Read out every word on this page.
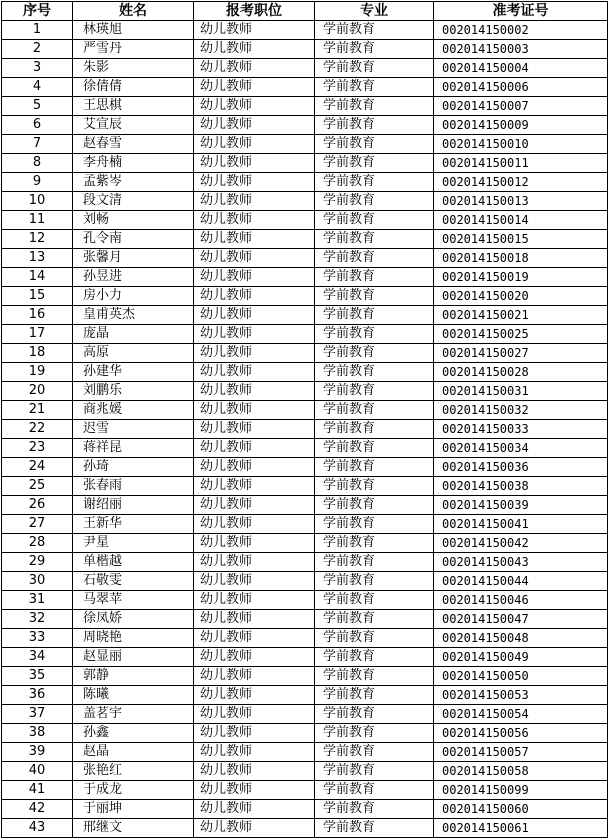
序号	姓名	报考职位	专业	准考证号
1	林瑛旭	幼儿教师	学前教育	002014150002
2	严雪丹	幼儿教师	学前教育	002014150003
3	朱影	幼儿教师	学前教育	002014150004
4	徐倩倩	幼儿教师	学前教育	002014150006
5	王思棋	幼儿教师	学前教育	002014150007
6	艾宣辰	幼儿教师	学前教育	002014150009
7	赵春雪	幼儿教师	学前教育	002014150010
8	李舟楠	幼儿教师	学前教育	002014150011
9	孟紫岑	幼儿教师	学前教育	002014150012
10	段文清	幼儿教师	学前教育	002014150013
11	刘畅	幼儿教师	学前教育	002014150014
12	孔令南	幼儿教师	学前教育	002014150015
13	张馨月	幼儿教师	学前教育	002014150018
14	孙昱进	幼儿教师	学前教育	002014150019
15	房小力	幼儿教师	学前教育	002014150020
16	皇甫英杰	幼儿教师	学前教育	002014150021
17	庞晶	幼儿教师	学前教育	002014150025
18	高原	幼儿教师	学前教育	002014150027
19	孙建华	幼儿教师	学前教育	002014150028
20	刘鹏乐	幼儿教师	学前教育	002014150031
21	商兆媛	幼儿教师	学前教育	002014150032
22	迟雪	幼儿教师	学前教育	002014150033
23	蒋祥昆	幼儿教师	学前教育	002014150034
24	孙琦	幼儿教师	学前教育	002014150036
25	张春雨	幼儿教师	学前教育	002014150038
26	谢绍丽	幼儿教师	学前教育	002014150039
27	王新华	幼儿教师	学前教育	002014150041
28	尹星	幼儿教师	学前教育	002014150042
29	单楷越	幼儿教师	学前教育	002014150043
30	石敬雯	幼儿教师	学前教育	002014150044
31	马翠苹	幼儿教师	学前教育	002014150046
32	徐凤娇	幼儿教师	学前教育	002014150047
33	周晓艳	幼儿教师	学前教育	002014150048
34	赵显丽	幼儿教师	学前教育	002014150049
35	郭静	幼儿教师	学前教育	002014150050
36	陈曦	幼儿教师	学前教育	002014150053
37	盖茗宇	幼儿教师	学前教育	002014150054
38	孙鑫	幼儿教师	学前教育	002014150056
39	赵晶	幼儿教师	学前教育	002014150057
40	张艳红	幼儿教师	学前教育	002014150058
41	于成龙	幼儿教师	学前教育	002014150099
42	于丽坤	幼儿教师	学前教育	002014150060
43	邢继文	幼儿教师	学前教育	002014150061
